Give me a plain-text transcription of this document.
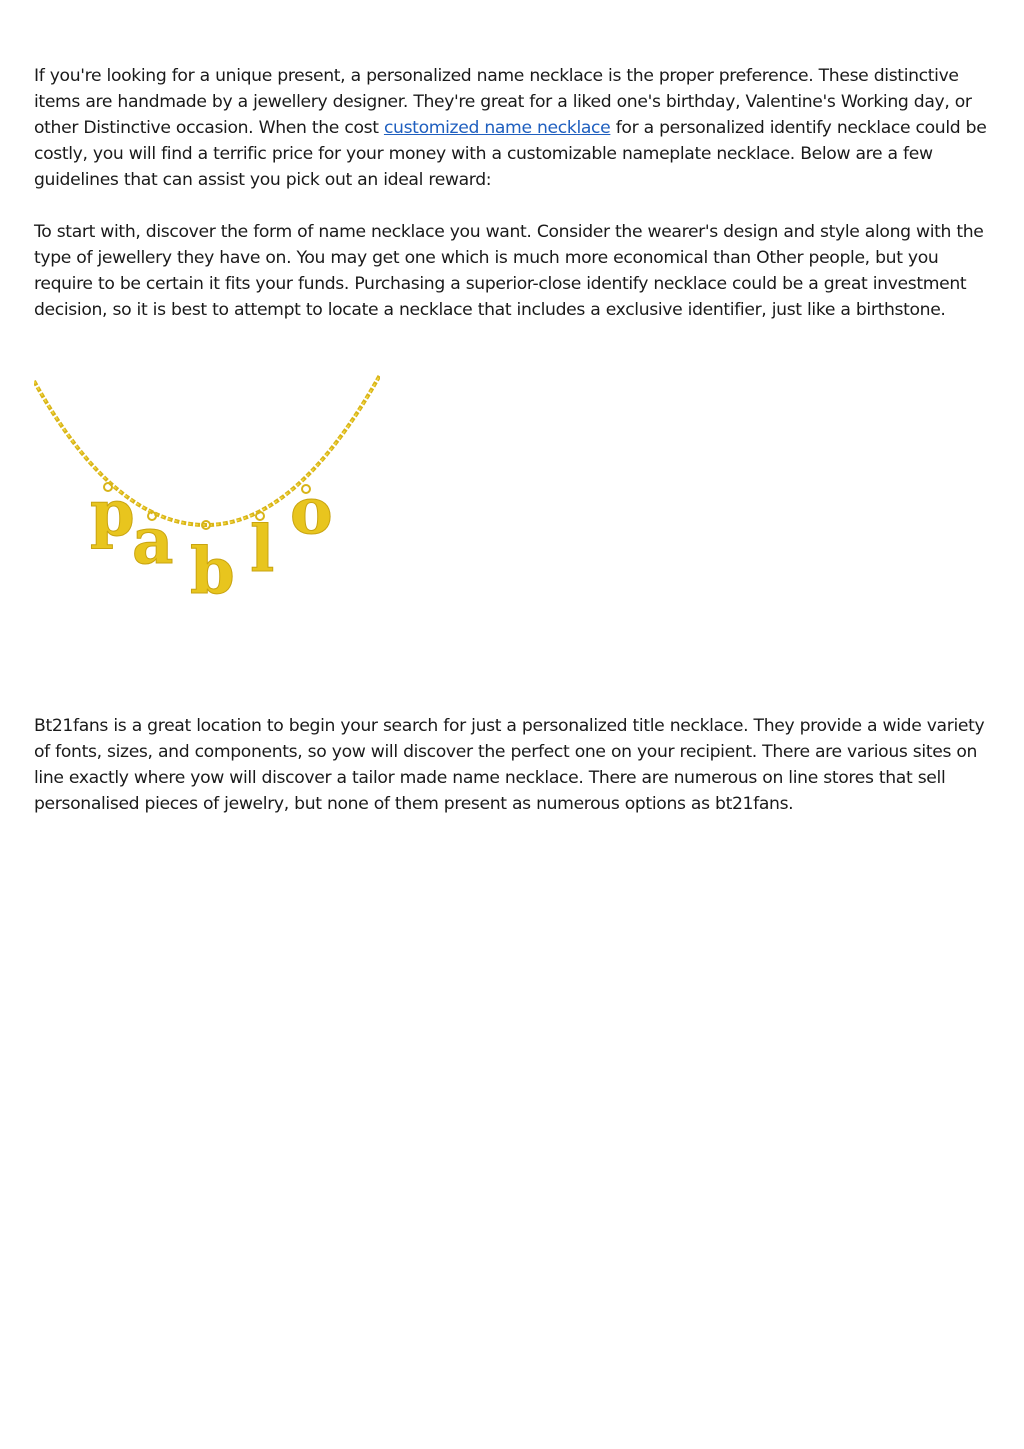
If you're looking for a unique present, a personalized name necklace is the proper preference. These distinctive items are handmade by a jewellery designer. They're great for a liked one's birthday, Valentine's Working day, or other Distinctive occasion. When the cost customized name necklace for a personalized identify necklace could be costly, you will find a terrific price for your money with a customizable nameplate necklace. Below are a few guidelines that can assist you pick out an ideal reward:

To start with, discover the form of name necklace you want. Consider the wearer's design and style along with the type of jewellery they have on. You may get one which is much more economical than Other people, but you require to be certain it fits your funds. Purchasing a superior-close identify necklace could be a great investment decision, so it is best to attempt to locate a necklace that includes a exclusive identifier, just like a birthstone.

p
a b l
o

Bt21fans is a great location to begin your search for just a personalized title necklace. They provide a wide variety of fonts, sizes, and components, so yow will discover the perfect one on your recipient. There are various sites on line exactly where yow will discover a tailor made name necklace. There are numerous on line stores that sell personalised pieces of jewelry, but none of them present as numerous options as bt21fans.
